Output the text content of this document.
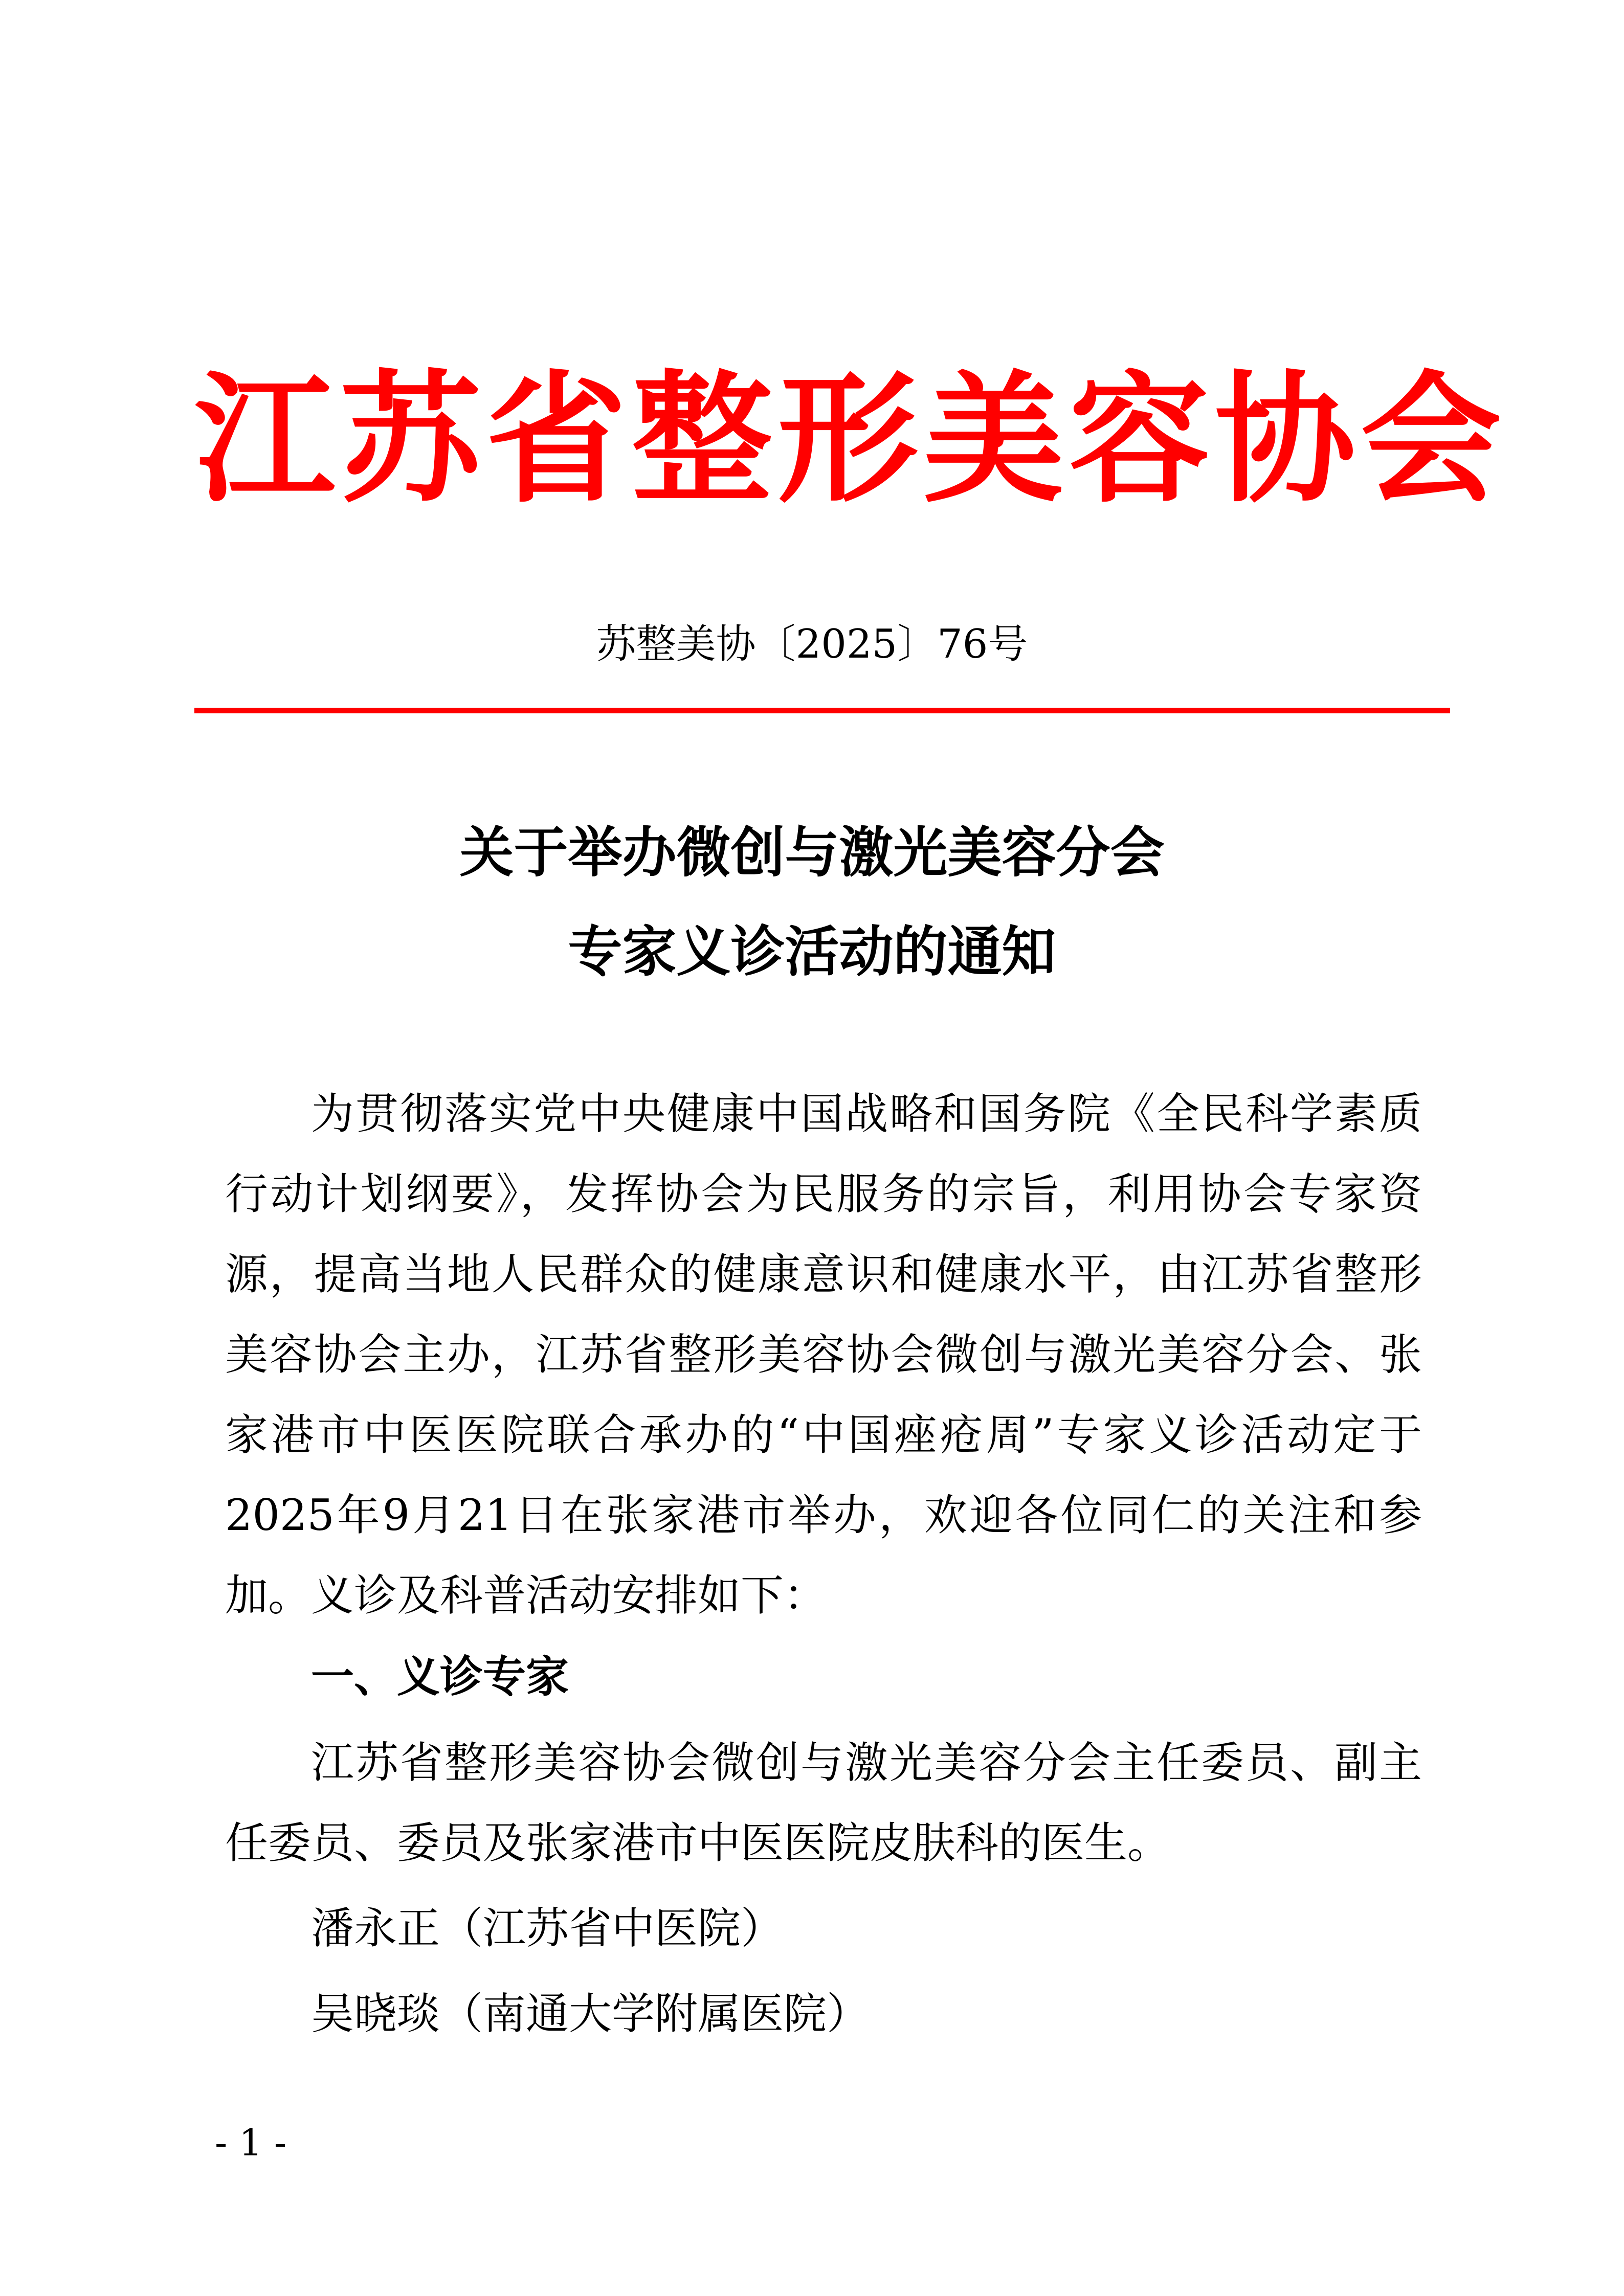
江苏省整形美容协会
苏整美协〔2025〕76号
关于举办微创与激光美容分会
专家义诊活动的通知

为贯彻落实党中央健康中国战略和国务院《全民科学素质行动计划纲要》，发挥协会为民服务的宗旨，利用协会专家资源，提高当地人民群众的健康意识和健康水平，由江苏省整形美容协会主办，江苏省整形美容协会微创与激光美容分会、张家港市中医医院联合承办的“中国痤疮周”专家义诊活动定于 2025年9月21日在张家港市举办，欢迎各位同仁的关注和参加。义诊及科普活动安排如下：

一、义诊专家

江苏省整形美容协会微创与激光美容分会主任委员、副主任委员、委员及张家港市中医医院皮肤科的医生。

潘永正（江苏省中医院）

吴晓琰（南通大学附属医院）

- 1 -
